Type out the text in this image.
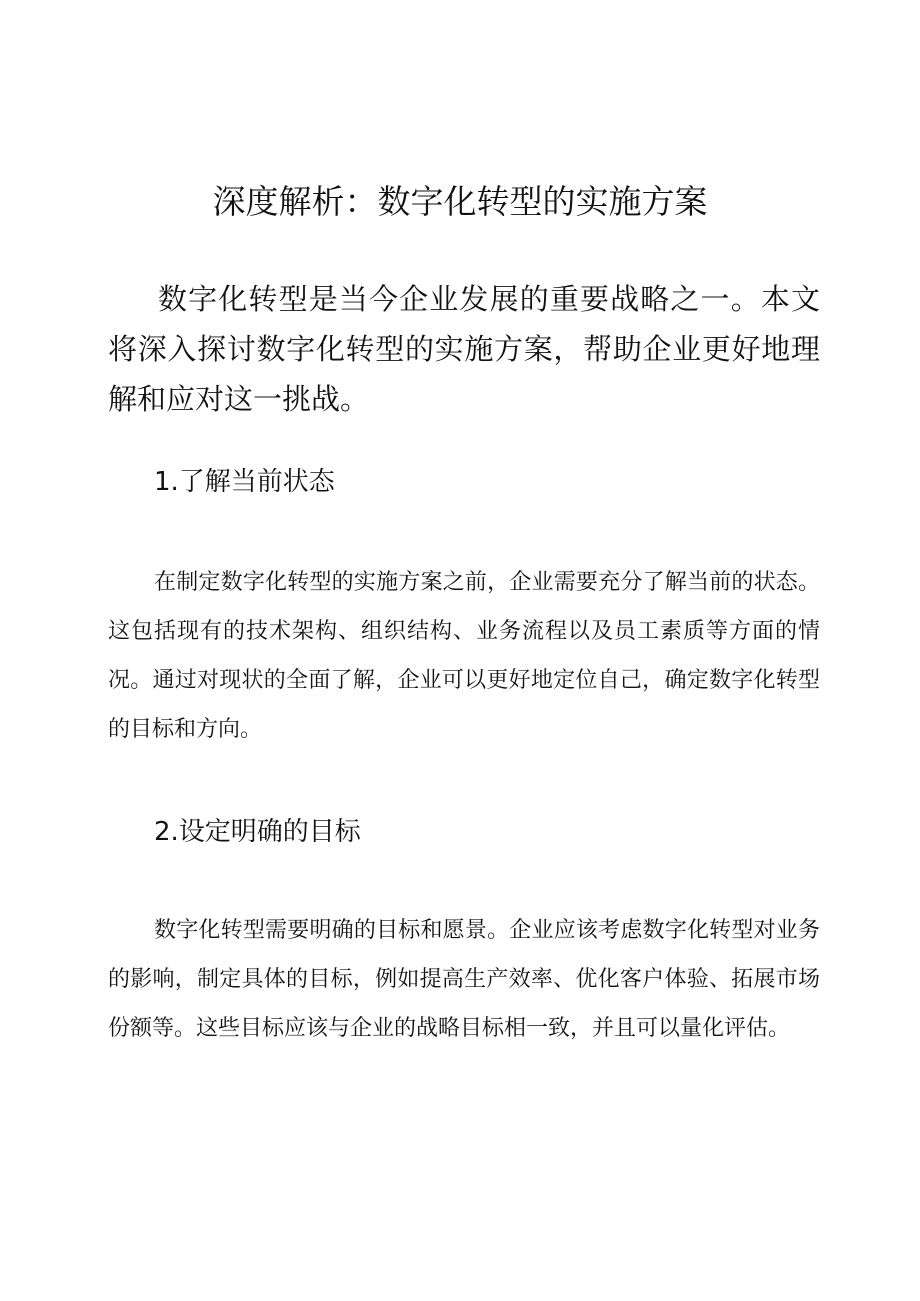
深度解析：数字化转型的实施方案

数字化转型是当今企业发展的重要战略之一。本文将深入探讨数字化转型的实施方案，帮助企业更好地理解和应对这一挑战。

1.了解当前状态

在制定数字化转型的实施方案之前，企业需要充分了解当前的状态。这包括现有的技术架构、组织结构、业务流程以及员工素质等方面的情况。通过对现状的全面了解，企业可以更好地定位自己，确定数字化转型的目标和方向。

2.设定明确的目标

数字化转型需要明确的目标和愿景。企业应该考虑数字化转型对业务的影响，制定具体的目标，例如提高生产效率、优化客户体验、拓展市场份额等。这些目标应该与企业的战略目标相一致，并且可以量化评估。
